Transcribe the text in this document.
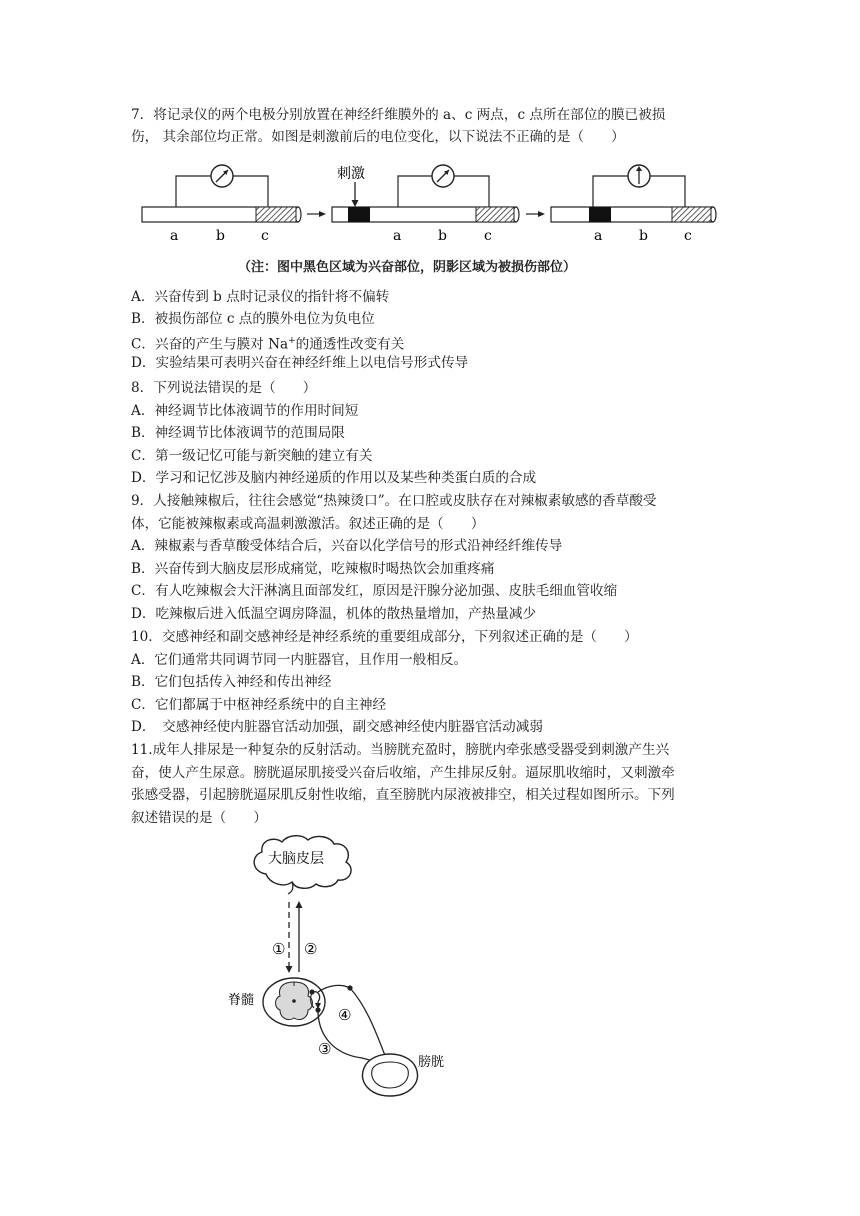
7．将记录仪的两个电极分别放置在神经纤维膜外的 a、c 两点，c 点所在部位的膜已被损
伤， 其余部位均正常。如图是刺激前后的电位变化，以下说法不正确的是（　　）
a	b	c
刺激
a	b	c	a	b	c
（注：图中黑色区域为兴奋部位，阴影区域为被损伤部位）
A．兴奋传到 b 点时记录仪的指针将不偏转
B．被损伤部位 c 点的膜外电位为负电位
C．兴奋的产生与膜对 Na+的通透性改变有关
D．实验结果可表明兴奋在神经纤维上以电信号形式传导
8．下列说法错误的是（　　）
A．神经调节比体液调节的作用时间短
B．神经调节比体液调节的范围局限
C．第一级记忆可能与新突触的建立有关
D．学习和记忆涉及脑内神经递质的作用以及某些种类蛋白质的合成
9．人接触辣椒后，往往会感觉“热辣烫口”。在口腔或皮肤存在对辣椒素敏感的香草酸受
体，它能被辣椒素或高温刺激激活。叙述正确的是（　　）
A．辣椒素与香草酸受体结合后，兴奋以化学信号的形式沿神经纤维传导
B．兴奋传到大脑皮层形成痛觉，吃辣椒时喝热饮会加重疼痛
C．有人吃辣椒会大汗淋漓且面部发红，原因是汗腺分泌加强、皮肤毛细血管收缩
D．吃辣椒后进入低温空调房降温，机体的散热量增加，产热量减少
10．交感神经和副交感神经是神经系统的重要组成部分，下列叙述正确的是（　　）
A．它们通常共同调节同一内脏器官，且作用一般相反。
B．它们包括传入神经和传出神经
C．它们都属于中枢神经系统中的自主神经
D．　交感神经使内脏器官活动加强，副交感神经使内脏器官活动减弱
11.成年人排尿是一种复杂的反射活动。当膀胱充盈时，膀胱内牵张感受器受到刺激产生兴
奋，使人产生尿意。膀胱逼尿肌接受兴奋后收缩，产生排尿反射。逼尿肌收缩时，又刺激牵
张感受器，引起膀胱逼尿肌反射性收缩，直至膀胱内尿液被排空，相关过程如图所示。下列
叙述错误的是（　　）
大脑皮层
① ②
脊髓
④
③
膀胱
